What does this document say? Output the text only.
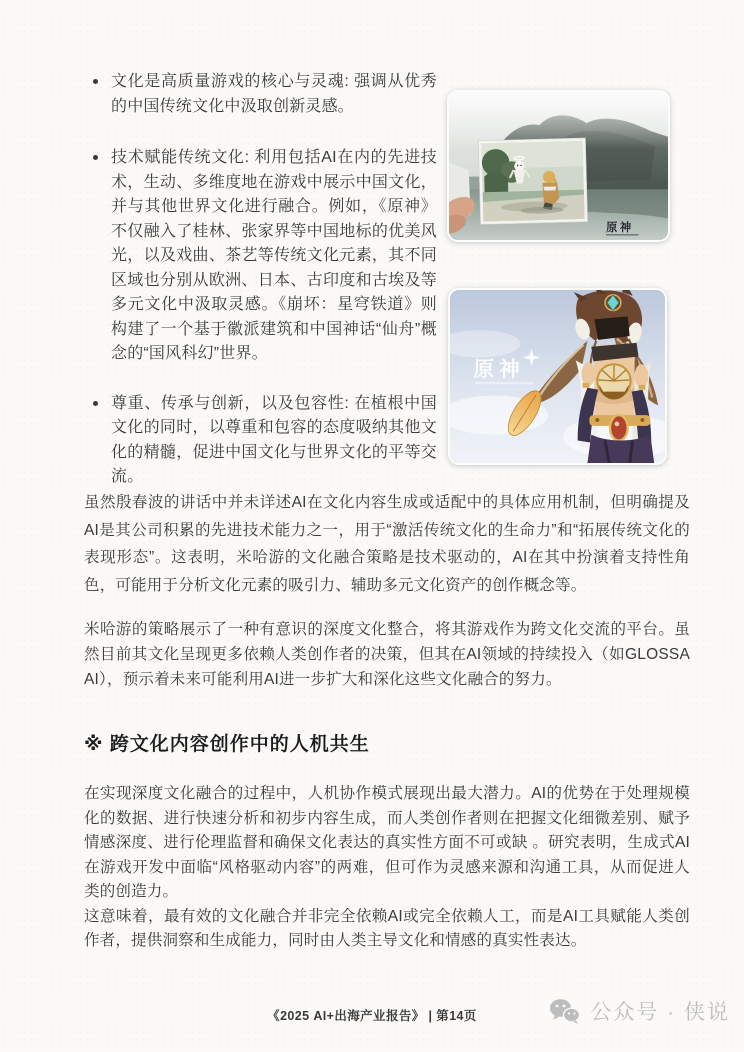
文化是高质量游戏的核心与灵魂: 强调从优秀的中国传统文化中汲取创新灵感。

技术赋能传统文化: 利用包括AI在内的先进技术，生动、多维度地在游戏中展示中国文化，并与其他世界文化进行融合。例如，《原神》不仅融入了桂林、张家界等中国地标的优美风光，以及戏曲、茶艺等传统文化元素，其不同区域也分别从欧洲、日本、古印度和古埃及等多元文化中汲取灵感。《崩坏：星穹铁道》则构建了一个基于徽派建筑和中国神话“仙舟”概念的“国风科幻”世界。

尊重、传承与创新，以及包容性: 在植根中国文化的同时，以尊重和包容的态度吸纳其他文化的精髓，促进中国文化与世界文化的平等交流。

原神
原神

虽然殷春波的讲话中并未详述AI在文化内容生成或适配中的具体应用机制，但明确提及AI是其公司积累的先进技术能力之一，用于“激活传统文化的生命力”和“拓展传统文化的表现形态”。这表明，米哈游的文化融合策略是技术驱动的，AI在其中扮演着支持性角色，可能用于分析文化元素的吸引力、辅助多元文化资产的创作概念等。

米哈游的策略展示了一种有意识的深度文化整合，将其游戏作为跨文化交流的平台。虽然目前其文化呈现更多依赖人类创作者的决策，但其在AI领域的持续投入（如GLOSSA AI），预示着未来可能利用AI进一步扩大和深化这些文化融合的努力。

※ 跨文化内容创作中的人机共生

在实现深度文化融合的过程中，人机协作模式展现出最大潜力。AI的优势在于处理规模化的数据、进行快速分析和初步内容生成，而人类创作者则在把握文化细微差别、赋予情感深度、进行伦理监督和确保文化表达的真实性方面不可或缺 。研究表明，生成式AI在游戏开发中面临“风格驱动内容”的两难，但可作为灵感来源和沟通工具，从而促进人类的创造力。

这意味着，最有效的文化融合并非完全依赖AI或完全依赖人工，而是AI工具赋能人类创作者，提供洞察和生成能力，同时由人类主导文化和情感的真实性表达。

《2025 AI+出海产业报告》 | 第14页	公众号 · 侠说
